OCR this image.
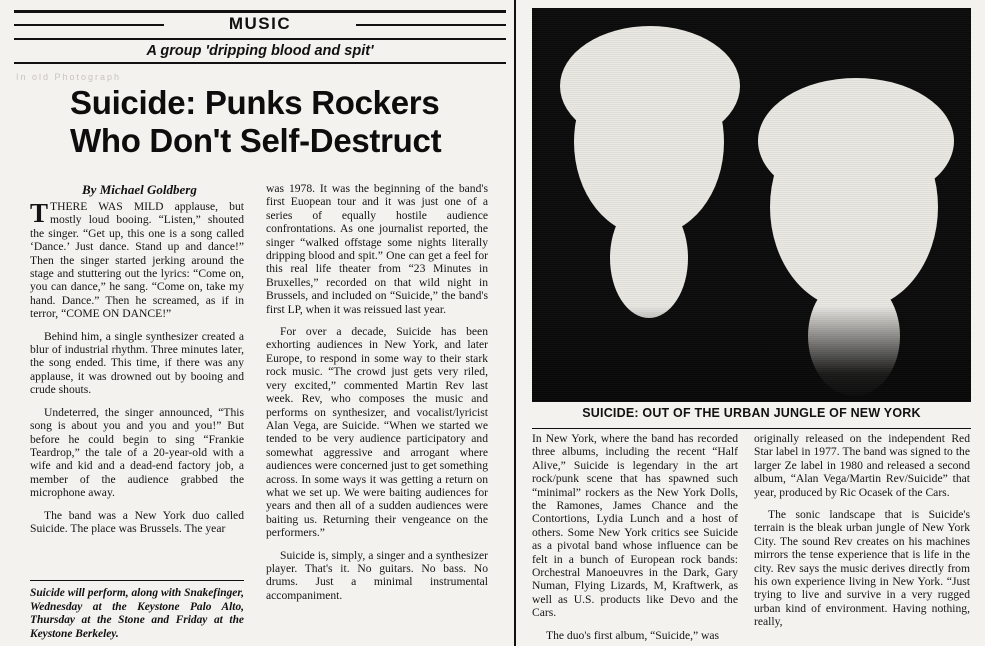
MUSIC
A group 'dripping blood and spit'
In old Photograph
Suicide: Punks Rockers Who Don't Self-Destruct
By Michael Goldberg

TTHERE WAS MILD applause, but mostly loud booing. “Listen,” shouted the singer. “Get up, this one is a song called ‘Dance.’ Just dance. Stand up and dance!” Then the singer started jerking around the stage and stuttering out the lyrics: “Come on, you can dance,” he sang. “Come on, take my hand. Dance.” Then he screamed, as if in terror, “COME ON DANCE!”

Behind him, a single synthesizer created a blur of industrial rhythm. Three minutes later, the song ended. This time, if there was any applause, it was drowned out by booing and crude shouts.

Undeterred, the singer announced, “This song is about you and you and you!” But before he could begin to sing “Frankie Teardrop,” the tale of a 20-year-old with a wife and kid and a dead-end factory job, a member of the audience grabbed the microphone away.

The band was a New York duo called Suicide. The place was Brussels. The year

was 1978. It was the beginning of the band's first Euopean tour and it was just one of a series of equally hostile audience confrontations. As one journalist reported, the singer “walked offstage some nights literally dripping blood and spit.” One can get a feel for this real life theater from “23 Minutes in Bruxelles,” recorded on that wild night in Brussels, and included on “Suicide,” the band's first LP, when it was reissued last year.

For over a decade, Suicide has been exhorting audiences in New York, and later Europe, to respond in some way to their stark rock music. “The crowd just gets very riled, very excited,” commented Martin Rev last week. Rev, who composes the music and performs on synthesizer, and vocalist/lyricist Alan Vega, are Suicide. “When we started we tended to be very audience participatory and somewhat aggressive and arrogant where audiences were concerned just to get something across. In some ways it was getting a return on what we set up. We were baiting audiences for years and then all of a sudden audiences were baiting us. Returning their vengeance on the performers.”

Suicide is, simply, a singer and a synthesizer player. That's it. No guitars. No bass. No drums. Just a minimal instrumental accompaniment.

Suicide will perform, along with Snakefinger, Wednesday at the Keystone Palo Alto, Thursday at the Stone and Friday at the Keystone Berkeley.
SUICIDE: OUT OF THE URBAN JUNGLE OF NEW YORK

In New York, where the band has recorded three albums, including the recent “Half Alive,” Suicide is legendary in the art rock/punk scene that has spawned such “minimal” rockers as the New York Dolls, the Ramones, James Chance and the Contortions, Lydia Lunch and a host of others. Some New York critics see Suicide as a pivotal band whose influence can be felt in a bunch of European rock bands: Orchestral Manoeuvres in the Dark, Gary Numan, Flying Lizards, M, Kraftwerk, as well as U.S. products like Devo and the Cars.

The duo's first album, “Suicide,” was

originally released on the independent Red Star label in 1977. The band was signed to the larger Ze label in 1980 and released a second album, “Alan Vega/Martin Rev/Suicide” that year, produced by Ric Ocasek of the Cars.

The sonic landscape that is Suicide's terrain is the bleak urban jungle of New York City. The sound Rev creates on his machines mirrors the tense experience that is life in the city. Rev says the music derives directly from his own experience living in New York. “Just trying to live and survive in a very rugged urban kind of environment. Having nothing, really,
